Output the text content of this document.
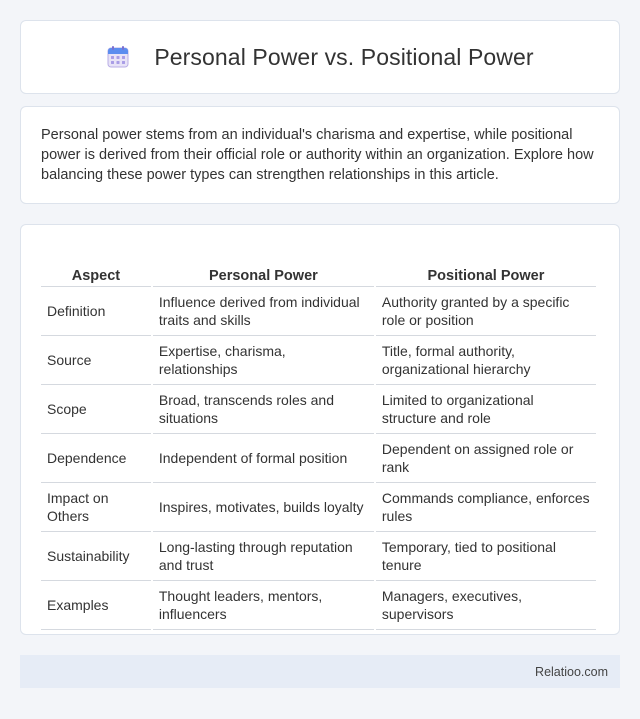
Personal Power vs. Positional Power

Personal power stems from an individual's charisma and expertise, while positional power is derived from their official role or authority within an organization. Explore how balancing these power types can strengthen relationships in this article.

Aspect	Personal Power	Positional Power
Definition	Influence derived from individual traits and skills	Authority granted by a specific role or position
Source	Expertise, charisma, relationships	Title, formal authority, organizational hierarchy
Scope	Broad, transcends roles and situations	Limited to organizational structure and role
Dependence	Independent of formal position	Dependent on assigned role or rank
Impact on Others	Inspires, motivates, builds loyalty	Commands compliance, enforces rules
Sustainability	Long-lasting through reputation and trust	Temporary, tied to positional tenure
Examples	Thought leaders, mentors, influencers	Managers, executives, supervisors
Relatioo.com
